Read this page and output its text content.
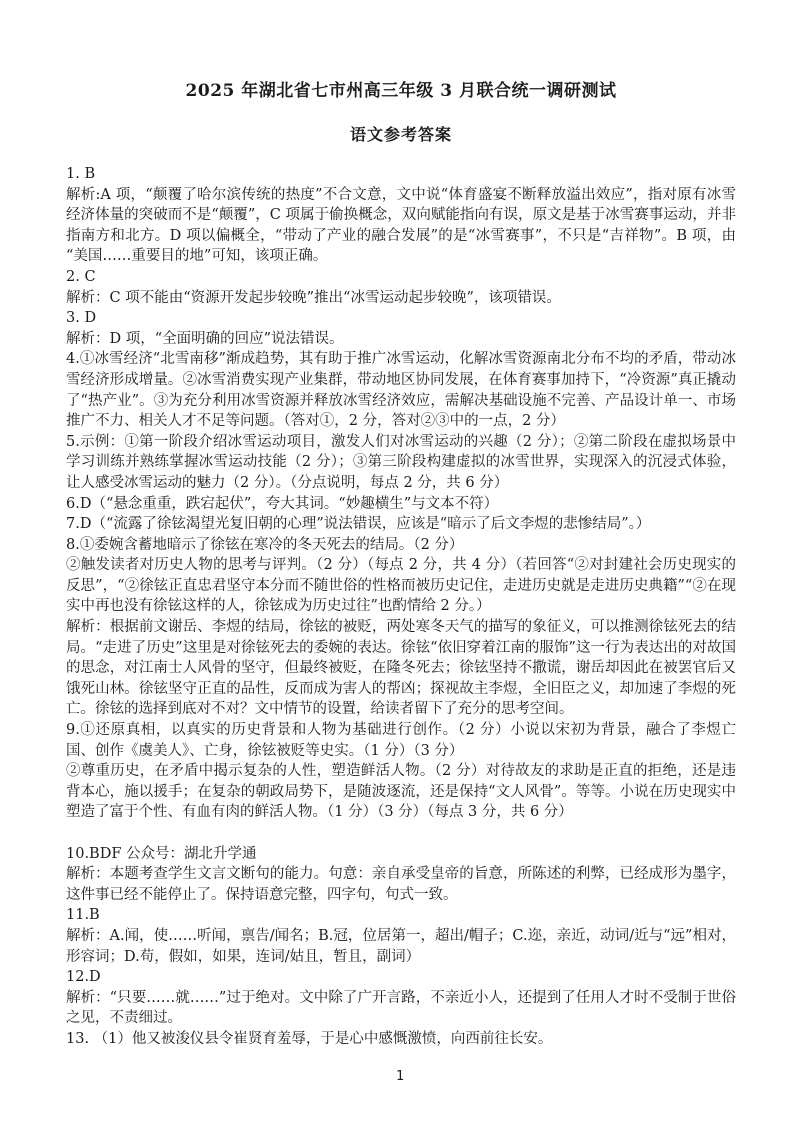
2025 年湖北省七市州高三年级 3 月联合统一调研测试
语文参考答案

1. B

解析:A 项，“颠覆了哈尔滨传统的热度”不合文意，文中说“体育盛宴不断释放溢出效应”，指对原有冰雪经济体量的突破而不是“颠覆”，C 项属于偷换概念，双向赋能指向有误，原文是基于冰雪赛事运动，并非指南方和北方。D 项以偏概全，“带动了产业的融合发展”的是“冰雪赛事”，不只是“吉祥物”。B 项，由“美国……重要目的地”可知，该项正确。

2. C

解析：C 项不能由“资源开发起步较晚”推出“冰雪运动起步较晚”，该项错误。

3. D

解析：D 项，“全面明确的回应”说法错误。

4.①冰雪经济“北雪南移”渐成趋势，其有助于推广冰雪运动，化解冰雪资源南北分布不均的矛盾，带动冰雪经济形成增量。②冰雪消费实现产业集群，带动地区协同发展，在体育赛事加持下，“冷资源”真正撬动了“热产业”。③为充分利用冰雪资源并释放冰雪经济效应，需解决基础设施不完善、产品设计单一、市场推广不力、相关人才不足等问题。（答对①，2 分，答对②③中的一点，2 分）

5.示例：①第一阶段介绍冰雪运动项目，激发人们对冰雪运动的兴趣（2 分）；②第二阶段在虚拟场景中学习训练并熟练掌握冰雪运动技能（2 分）；③第三阶段构建虚拟的冰雪世界，实现深入的沉浸式体验，让人感受冰雪运动的魅力（2 分）。（分点说明，每点 2 分，共 6 分）

6.D（“悬念重重，跌宕起伏”，夸大其词。“妙趣横生”与文本不符）

7.D（“流露了徐铉渴望光复旧朝的心理”说法错误，应该是“暗示了后文李煜的悲惨结局”。）

8.①委婉含蓄地暗示了徐铉在寒冷的冬天死去的结局。（2 分）

②触发读者对历史人物的思考与评判。（2 分）（每点 2 分，共 4 分）（若回答“②对封建社会历史现实的反思”，“②徐铉正直忠君坚守本分而不随世俗的性格而被历史记住，走进历史就是走进历史典籍”“②在现实中再也没有徐铉这样的人，徐铉成为历史过往”也酌情给 2 分。）

解析：根据前文谢岳、李煜的结局，徐铉的被贬，两处寒冬天气的描写的象征义，可以推测徐铉死去的结局。“走进了历史”这里是对徐铉死去的委婉的表达。徐铉“依旧穿着江南的服饰”这一行为表达出的对故国的思念，对江南士人风骨的坚守，但最终被贬，在隆冬死去；徐铉坚持不撒谎，谢岳却因此在被罢官后又饿死山林。徐铉坚守正直的品性，反而成为害人的帮凶；探视故主李煜，全旧臣之义，却加速了李煜的死亡。徐铉的选择到底对不对？文中情节的设置，给读者留下了充分的思考空间。

9.①还原真相，以真实的历史背景和人物为基础进行创作。（2 分）小说以宋初为背景，融合了李煜亡国、创作《虞美人》、亡身，徐铉被贬等史实。（1 分）（3 分）

②尊重历史，在矛盾中揭示复杂的人性，塑造鲜活人物。（2 分）对待故友的求助是正直的拒绝，还是违背本心，施以援手；在复杂的朝政局势下，是随波逐流，还是保持“文人风骨”。等等。小说在历史现实中塑造了富于个性、有血有肉的鲜活人物。（1 分）（3 分）（每点 3 分，共 6 分）

10.BDF 公众号：湖北升学通

解析：本题考查学生文言文断句的能力。句意：亲自承受皇帝的旨意，所陈述的利弊，已经成形为墨字，这件事已经不能停止了。保持语意完整，四字句，句式一致。

11.B

解析：A.闻，使……听闻，禀告/闻名；B.冠，位居第一，超出/帽子；C.迩，亲近，动词/近与“远”相对，形容词；D.苟，假如，如果，连词/姑且，暂且，副词）

12.D

解析：“只要……就……”过于绝对。文中除了广开言路，不亲近小人，还提到了任用人才时不受制于世俗之见，不责细过。

13. （1）他又被浚仪县令崔贤育羞辱，于是心中感慨激愤，向西前往长安。

1
